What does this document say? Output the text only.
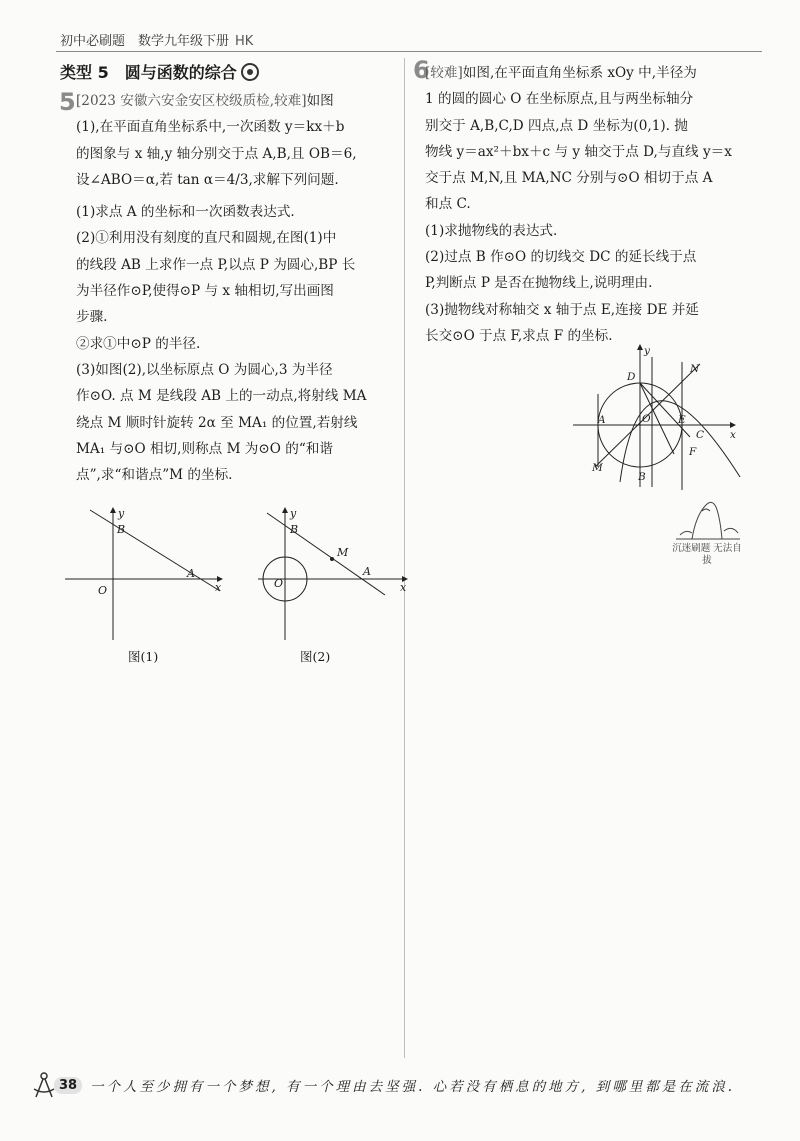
初中必刷题　数学九年级下册 HK
类型 5　圆与函数的综合
5 [2023 安徽六安金安区校级质检,较难]如图

(1),在平面直角坐标系中,一次函数 y＝kx＋b

的图象与 x 轴,y 轴分别交于点 A,B,且 OB＝6,

设∠ABO＝α,若 tan α＝4/3,求解下列问题.

(1)求点 A 的坐标和一次函数表达式.

(2)①利用没有刻度的直尺和圆规,在图(1)中

的线段 AB 上求作一点 P,以点 P 为圆心,BP 长

为半径作⊙P,使得⊙P 与 x 轴相切,写出画图

步骤.

②求①中⊙P 的半径.

(3)如图(2),以坐标原点 O 为圆心,3 为半径

作⊙O. 点 M 是线段 AB 上的一动点,将射线 MA

绕点 M 顺时针旋转 2α 至 MA₁ 的位置,若射线

MA₁ 与⊙O 相切,则称点 M 为⊙O 的“和谐

点”,求“和谐点”M 的坐标.

x
y
B
A
O
图(1)
x
y
B
M
A
O
图(2)
6

[较难]如图,在平面直角坐标系 xOy 中,半径为

1 的圆的圆心 O 在坐标原点,且与两坐标轴分

别交于 A,B,C,D 四点,点 D 坐标为(0,1). 抛

物线 y＝ax²＋bx＋c 与 y 轴交于点 D,与直线 y＝x

交于点 M,N,且 MA,NC 分别与⊙O 相切于点 A

和点 C.

(1)求抛物线的表达式.

(2)过点 B 作⊙O 的切线交 DC 的延长线于点

P,判断点 P 是否在抛物线上,说明理由.

(3)抛物线对称轴交 x 轴于点 E,连接 DE 并延

长交⊙O 于点 F,求点 F 的坐标.

x
y
D
N
A	O	E
C
F
M
B
沉迷刷题 无法自拔
38 一个人至少拥有一个梦想, 有一个理由去坚强. 心若没有栖息的地方, 到哪里都是在流浪.
